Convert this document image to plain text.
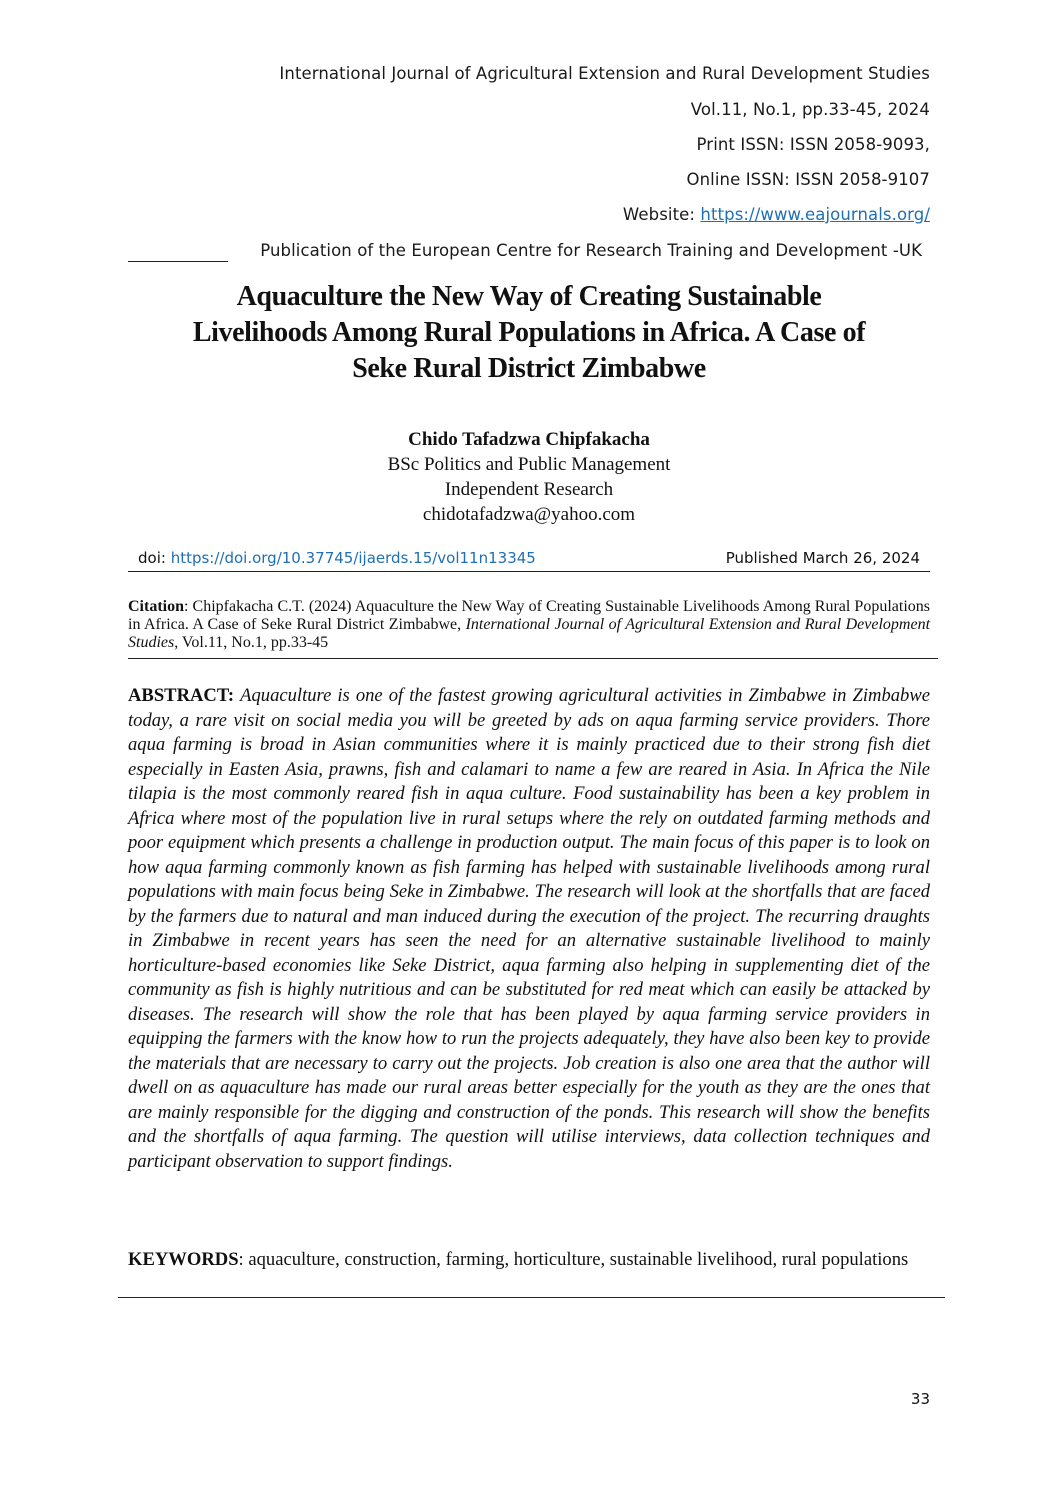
International Journal of Agricultural Extension and Rural Development Studies
Vol.11, No.1, pp.33-45, 2024
Print ISSN: ISSN 2058-9093,
Online ISSN: ISSN 2058-9107
Website: https://www.eajournals.org/
Publication of the European Centre for Research Training and Development -UK
Aquaculture the New Way of Creating Sustainable
Livelihoods Among Rural Populations in Africa. A Case of
Seke Rural District Zimbabwe
Chido Tafadzwa Chipfakacha
BSc Politics and Public Management
Independent Research
chidotafadzwa@yahoo.com
doi: https://doi.org/10.37745/ijaerds.15/vol11n13345	Published March 26, 2024
Citation: Chipfakacha C.T. (2024) Aquaculture the New Way of Creating Sustainable Livelihoods Among Rural Populations in Africa. A Case of Seke Rural District Zimbabwe, International Journal of Agricultural Extension and Rural Development Studies, Vol.11, No.1, pp.33-45
ABSTRACT: Aquaculture is one of the fastest growing agricultural activities in Zimbabwe in Zimbabwe today, a rare visit on social media you will be greeted by ads on aqua farming service providers. Thore aqua farming is broad in Asian communities where it is mainly practiced due to their strong fish diet especially in Easten Asia, prawns, fish and calamari to name a few are reared in Asia. In Africa the Nile tilapia is the most commonly reared fish in aqua culture. Food sustainability has been a key problem in Africa where most of the population live in rural setups where the rely on outdated farming methods and poor equipment which presents a challenge in production output. The main focus of this paper is to look on how aqua farming commonly known as fish farming has helped with sustainable livelihoods among rural populations with main focus being Seke in Zimbabwe. The research will look at the shortfalls that are faced by the farmers due to natural and man induced during the execution of the project. The recurring draughts in Zimbabwe in recent years has seen the need for an alternative sustainable livelihood to mainly horticulture-based economies like Seke District, aqua farming also helping in supplementing diet of the community as fish is highly nutritious and can be substituted for red meat which can easily be attacked by diseases. The research will show the role that has been played by aqua farming service providers in equipping the farmers with the know how to run the projects adequately, they have also been key to provide the materials that are necessary to carry out the projects. Job creation is also one area that the author will dwell on as aquaculture has made our rural areas better especially for the youth as they are the ones that are mainly responsible for the digging and construction of the ponds. This research will show the benefits and the shortfalls of aqua farming. The question will utilise interviews, data collection techniques and participant observation to support findings.
KEYWORDS: aquaculture, construction, farming, horticulture, sustainable livelihood, rural populations
33
